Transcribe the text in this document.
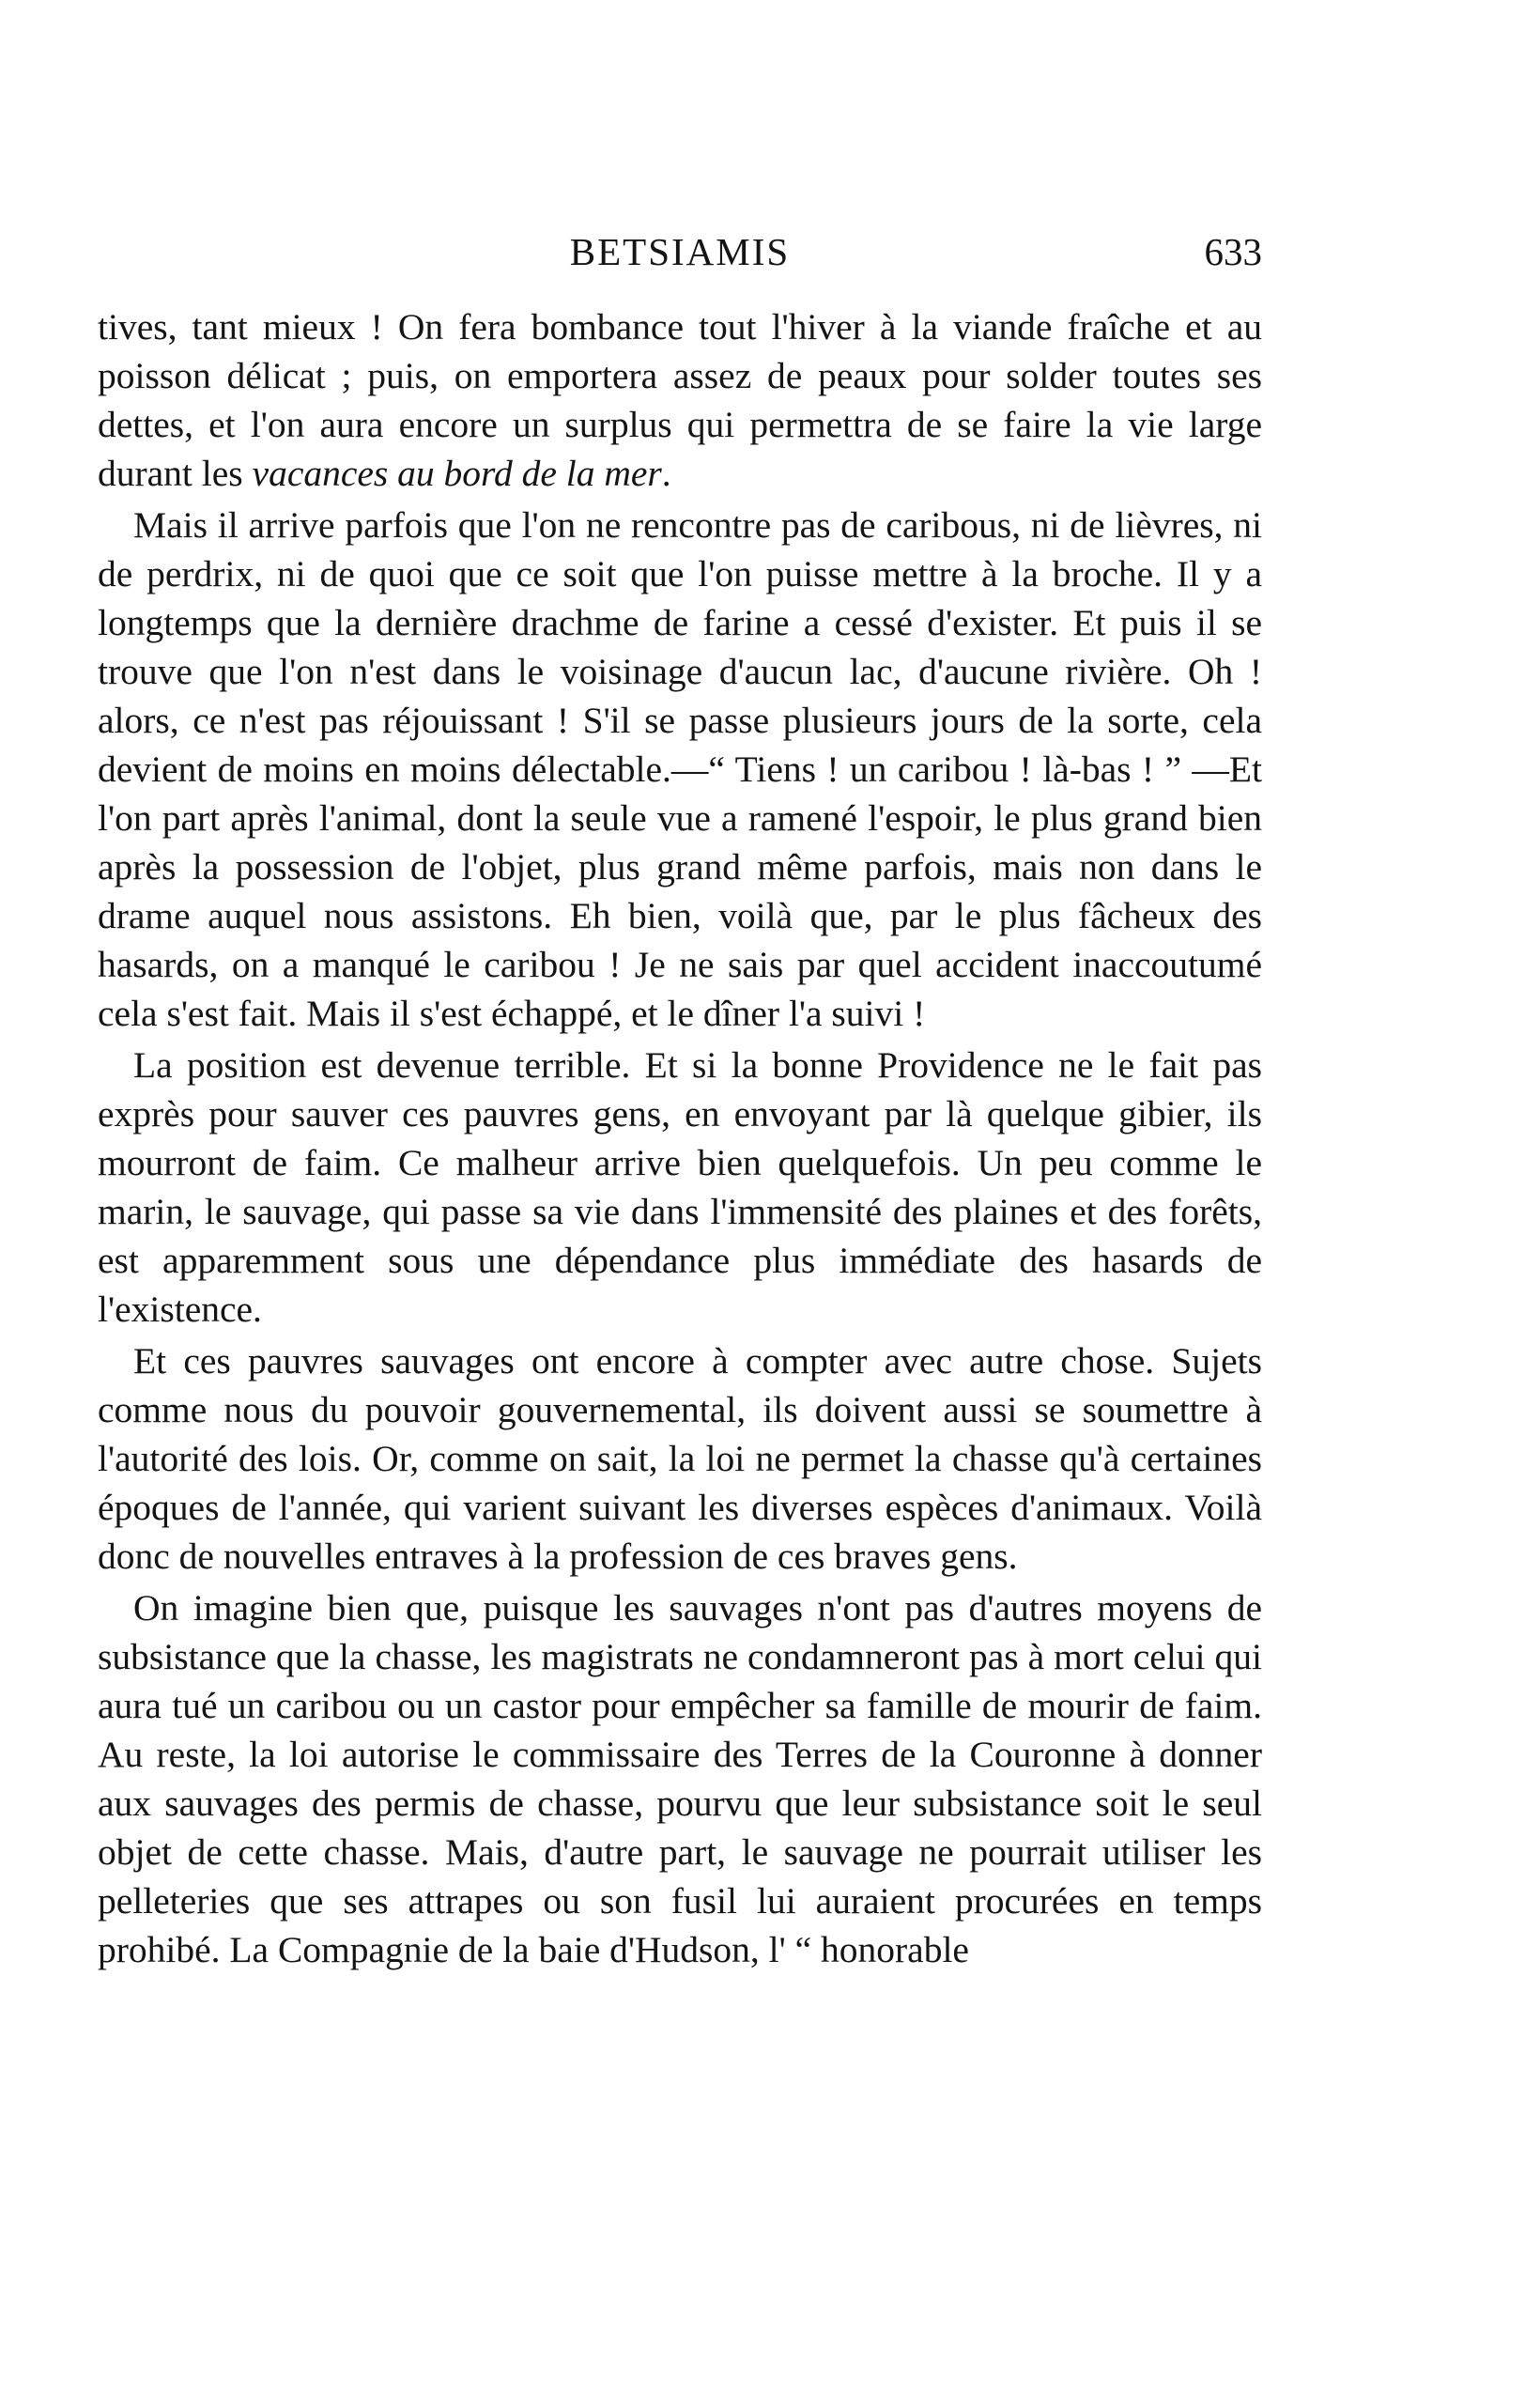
BETSIAMIS	633

tives, tant mieux ! On fera bombance tout l'hiver à la viande fraîche et au poisson délicat ; puis, on emportera assez de peaux pour solder toutes ses dettes, et l'on aura encore un surplus qui permettra de se faire la vie large durant les vacances au bord de la mer.

Mais il arrive parfois que l'on ne rencontre pas de caribous, ni de lièvres, ni de perdrix, ni de quoi que ce soit que l'on puisse mettre à la broche. Il y a longtemps que la dernière drachme de farine a cessé d'exister. Et puis il se trouve que l'on n'est dans le voisinage d'aucun lac, d'aucune rivière. Oh ! alors, ce n'est pas réjouissant ! S'il se passe plusieurs jours de la sorte, cela devient de moins en moins délectable.—“ Tiens ! un caribou ! là-bas ! ” —Et l'on part après l'animal, dont la seule vue a ramené l'espoir, le plus grand bien après la possession de l'objet, plus grand même parfois, mais non dans le drame auquel nous assistons. Eh bien, voilà que, par le plus fâcheux des hasards, on a manqué le caribou ! Je ne sais par quel accident inaccoutumé cela s'est fait. Mais il s'est échappé, et le dîner l'a suivi !

La position est devenue terrible. Et si la bonne Providence ne le fait pas exprès pour sauver ces pauvres gens, en envoyant par là quelque gibier, ils mourront de faim. Ce malheur arrive bien quelquefois. Un peu comme le marin, le sauvage, qui passe sa vie dans l'immensité des plaines et des forêts, est apparemment sous une dépendance plus immédiate des hasards de l'existence.

Et ces pauvres sauvages ont encore à compter avec autre chose. Sujets comme nous du pouvoir gouvernemental, ils doivent aussi se soumettre à l'autorité des lois. Or, comme on sait, la loi ne permet la chasse qu'à certaines époques de l'année, qui varient suivant les diverses espèces d'animaux. Voilà donc de nouvelles entraves à la profession de ces braves gens.

On imagine bien que, puisque les sauvages n'ont pas d'autres moyens de subsistance que la chasse, les magistrats ne condamneront pas à mort celui qui aura tué un caribou ou un castor pour empêcher sa famille de mourir de faim. Au reste, la loi autorise le commissaire des Terres de la Couronne à donner aux sauvages des permis de chasse, pourvu que leur subsistance soit le seul objet de cette chasse. Mais, d'autre part, le sauvage ne pourrait utiliser les pelleteries que ses attrapes ou son fusil lui auraient procurées en temps prohibé. La Compagnie de la baie d'Hudson, l' “ honorable
